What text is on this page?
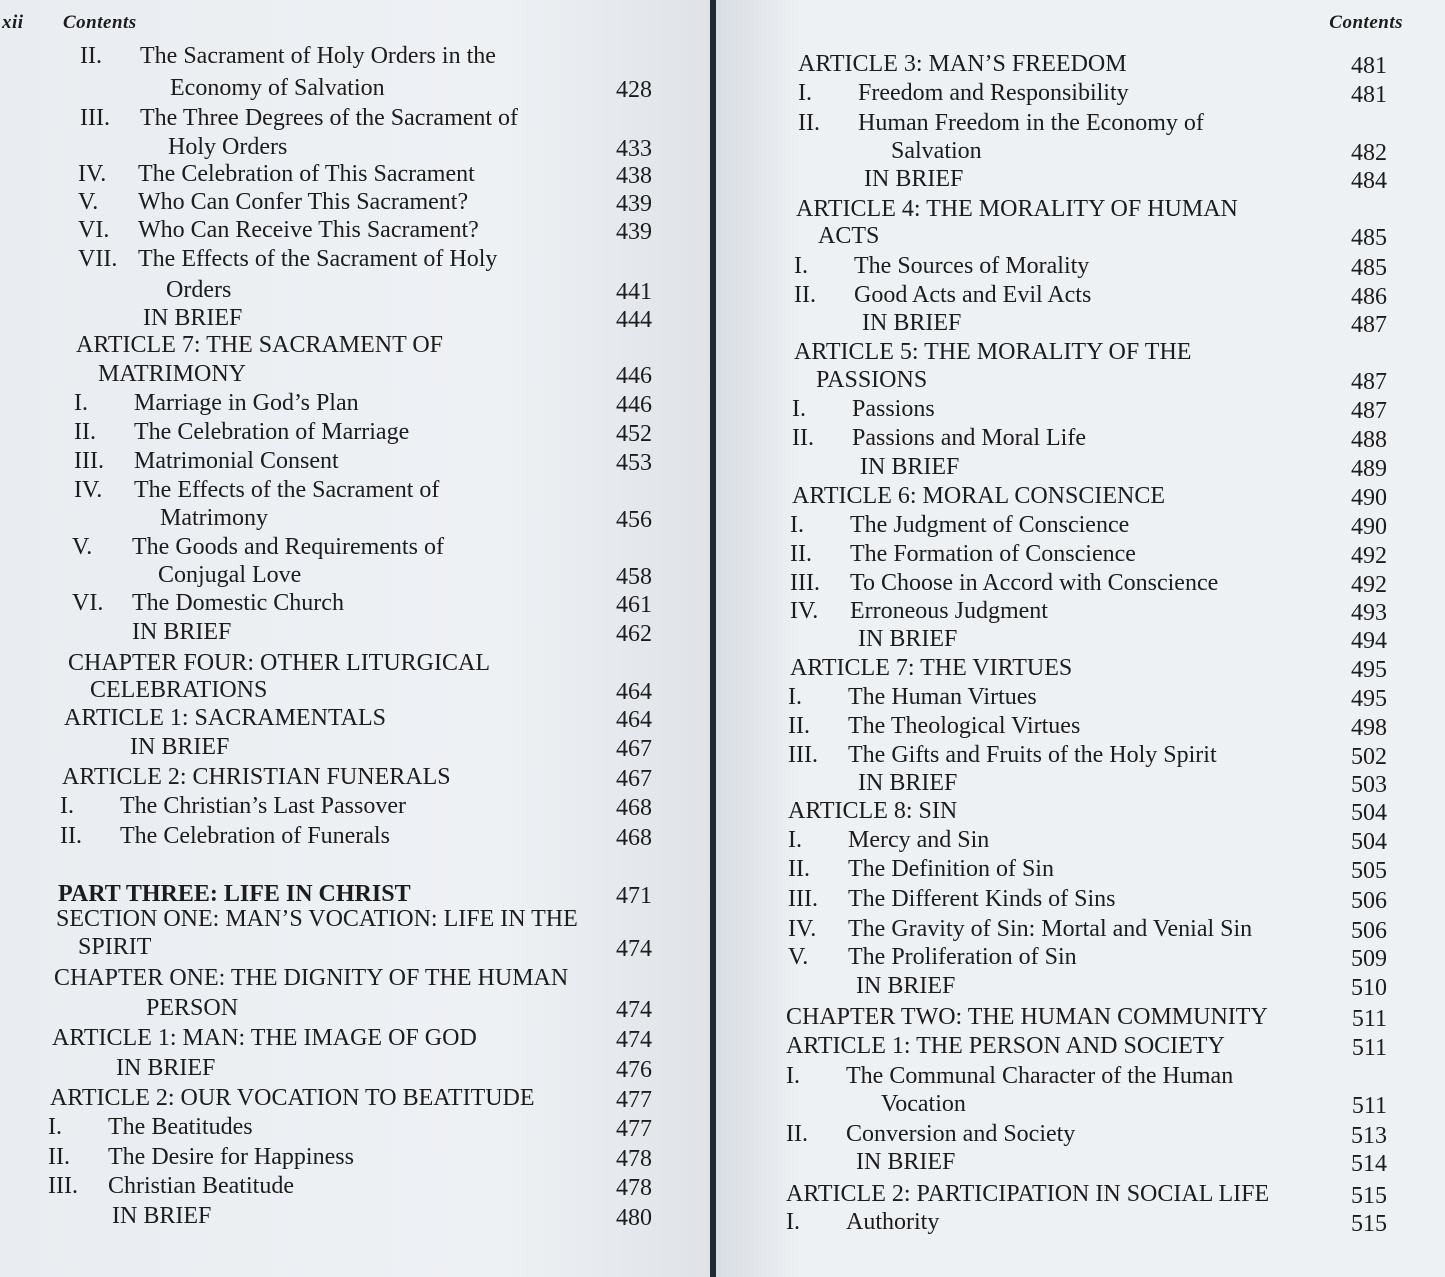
xii Contents
II. The Sacrament of Holy Orders in the
Economy of Salvation	428
III. The Three Degrees of the Sacrament of
Holy Orders	433
IV. The Celebration of This Sacrament	438
V. Who Can Confer This Sacrament?	439
VI. Who Can Receive This Sacrament?	439
VII. The Effects of the Sacrament of Holy
Orders	441
IN BRIEF	444
ARTICLE 7: THE SACRAMENT OF
MATRIMONY	446
I. Marriage in God’s Plan	446
II. The Celebration of Marriage	452
III. Matrimonial Consent	453
IV. The Effects of the Sacrament of
Matrimony	456
V. The Goods and Requirements of
Conjugal Love	458
VI. The Domestic Church	461
IN BRIEF	462
CHAPTER FOUR: OTHER LITURGICAL
CELEBRATIONS	464
ARTICLE 1: SACRAMENTALS	464
IN BRIEF	467
ARTICLE 2: CHRISTIAN FUNERALS	467
I. The Christian’s Last Passover	468
II. The Celebration of Funerals	468
PART THREE: LIFE IN CHRIST	471
SECTION ONE: MAN’S VOCATION: LIFE IN THE
SPIRIT	474
CHAPTER ONE: THE DIGNITY OF THE HUMAN
PERSON	474
ARTICLE 1: MAN: THE IMAGE OF GOD	474
IN BRIEF	476
ARTICLE 2: OUR VOCATION TO BEATITUDE	477
I. The Beatitudes	477
II. The Desire for Happiness	478
III. Christian Beatitude	478
IN BRIEF	480
Contents
ARTICLE 3: MAN’S FREEDOM	481
I. Freedom and Responsibility	481
II. Human Freedom in the Economy of
Salvation	482
IN BRIEF	484
ARTICLE 4: THE MORALITY OF HUMAN
ACTS	485
I. The Sources of Morality	485
II. Good Acts and Evil Acts	486
IN BRIEF	487
ARTICLE 5: THE MORALITY OF THE
PASSIONS	487
I. Passions	487
II. Passions and Moral Life	488
IN BRIEF	489
ARTICLE 6: MORAL CONSCIENCE	490
I. The Judgment of Conscience	490
II. The Formation of Conscience	492
III. To Choose in Accord with Conscience	492
IV. Erroneous Judgment	493
IN BRIEF	494
ARTICLE 7: THE VIRTUES	495
I. The Human Virtues	495
II. The Theological Virtues	498
III. The Gifts and Fruits of the Holy Spirit	502
IN BRIEF	503
ARTICLE 8: SIN	504
I. Mercy and Sin	504
II. The Definition of Sin	505
III. The Different Kinds of Sins	506
IV. The Gravity of Sin: Mortal and Venial Sin	506
V. The Proliferation of Sin	509
IN BRIEF	510
CHAPTER TWO: THE HUMAN COMMUNITY	511
ARTICLE 1: THE PERSON AND SOCIETY	511
I. The Communal Character of the Human
Vocation	511
II. Conversion and Society	513
IN BRIEF	514
ARTICLE 2: PARTICIPATION IN SOCIAL LIFE	515
I. Authority	515
